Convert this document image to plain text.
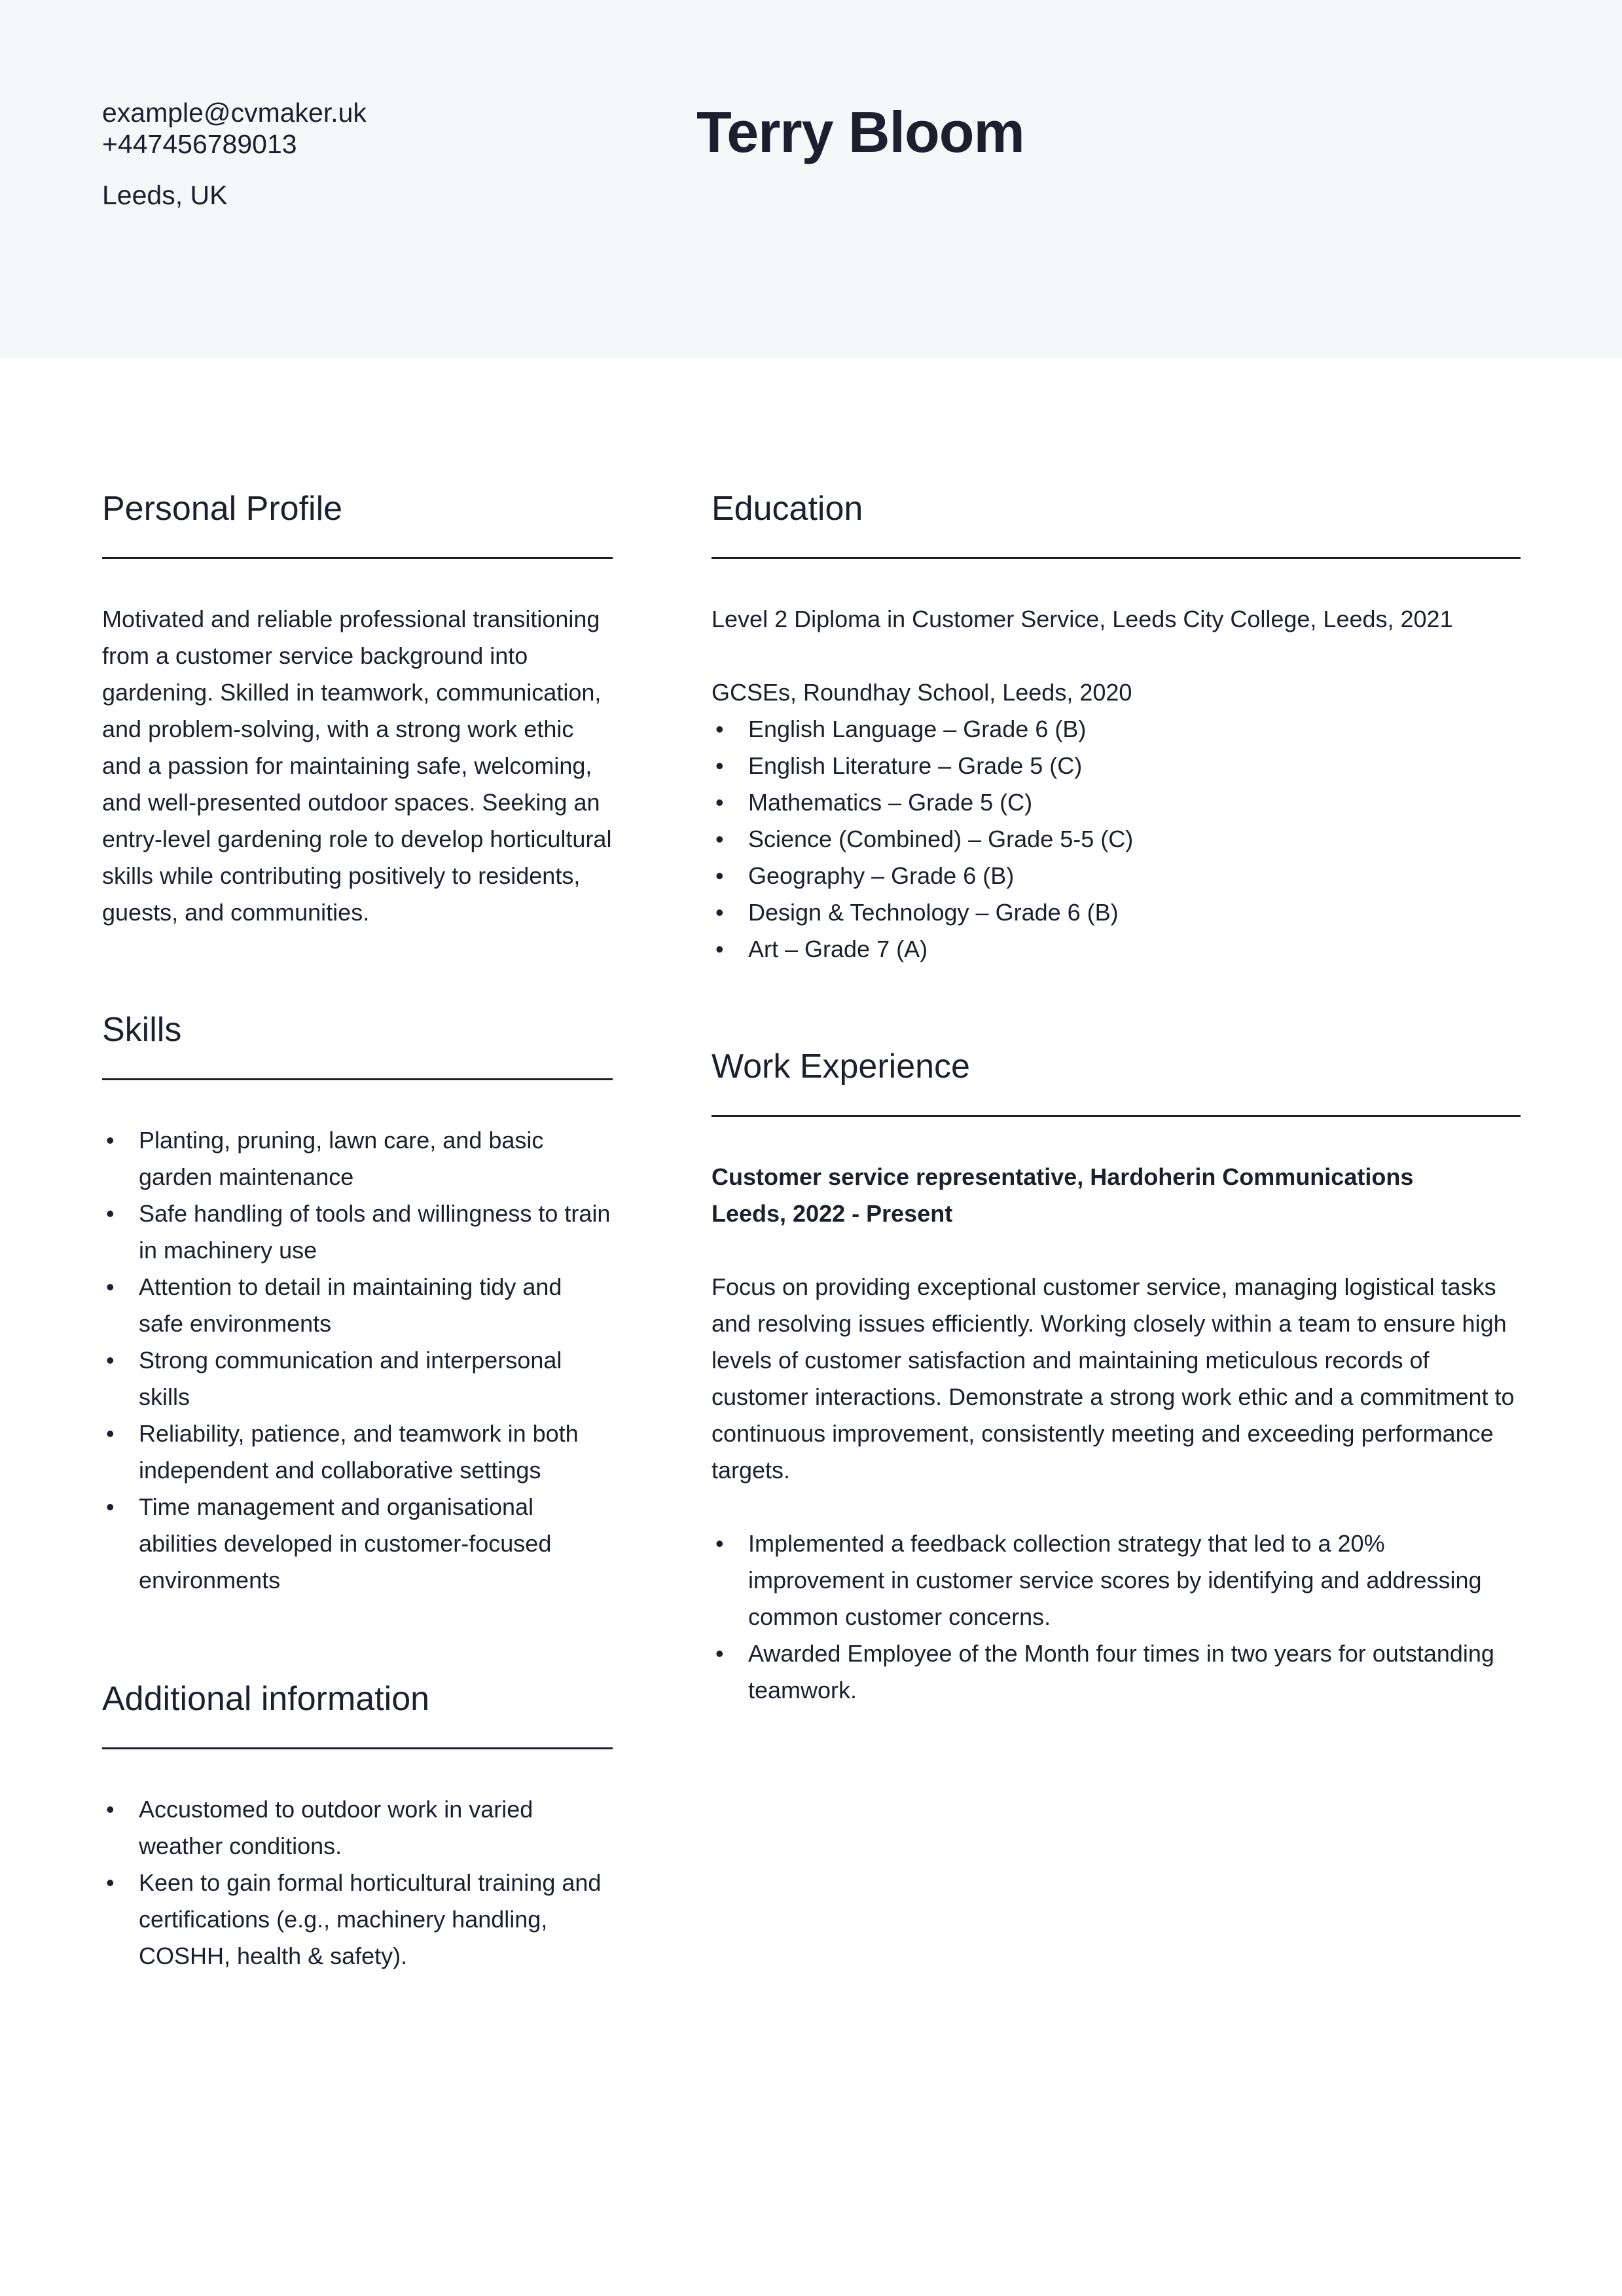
example@cvmaker.uk
+447456789013
Leeds, UK
Terry Bloom
Personal Profile

Motivated and reliable professional transitioning from a customer service background into gardening. Skilled in teamwork, communication, and problem-solving, with a strong work ethic and a passion for maintaining safe, welcoming, and well-presented outdoor spaces. Seeking an entry-level gardening role to develop horticultural skills while contributing positively to residents, guests, and communities.

Skills
• Planting, pruning, lawn care, and basic garden maintenance
• Safe handling of tools and willingness to train in machinery use
• Attention to detail in maintaining tidy and safe environments
• Strong communication and interpersonal skills
• Reliability, patience, and teamwork in both independent and collaborative settings
• Time management and organisational abilities developed in customer-focused environments
Additional information
• Accustomed to outdoor work in varied weather conditions.
• Keen to gain formal horticultural training and certifications (e.g., machinery handling, COSHH, health & safety).
Education

Level 2 Diploma in Customer Service, Leeds City College, Leeds, 2021

GCSEs, Roundhay School, Leeds, 2020

• English Language – Grade 6 (B)
• English Literature – Grade 5 (C)
• Mathematics – Grade 5 (C)
• Science (Combined) – Grade 5-5 (C)
• Geography – Grade 6 (B)
• Design & Technology – Grade 6 (B)
• Art – Grade 7 (A)
Work Experience

Customer service representative, Hardoherin Communications

Leeds, 2022 - Present

Focus on providing exceptional customer service, managing logistical tasks and resolving issues efficiently. Working closely within a team to ensure high levels of customer satisfaction and maintaining meticulous records of customer interactions. Demonstrate a strong work ethic and a commitment to continuous improvement, consistently meeting and exceeding performance targets.

• Implemented a feedback collection strategy that led to a 20% improvement in customer service scores by identifying and addressing common customer concerns.
• Awarded Employee of the Month four times in two years for outstanding teamwork.
